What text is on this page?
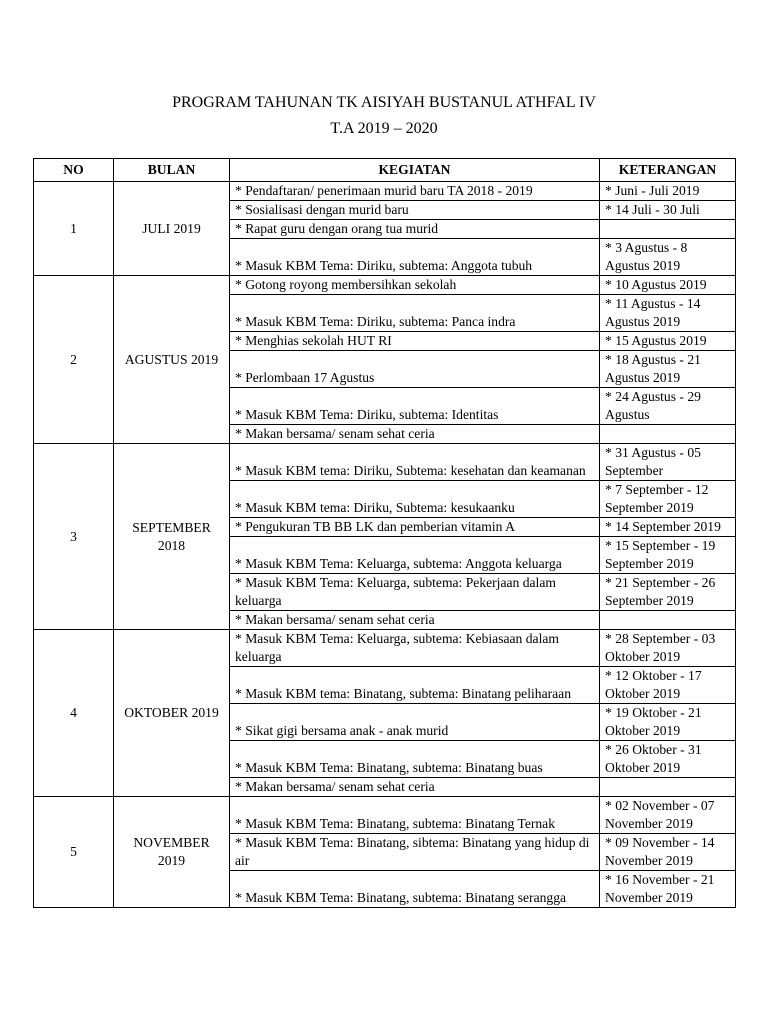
PROGRAM TAHUNAN TK AISIYAH BUSTANUL ATHFAL IV
T.A 2019 – 2020
NO	BULAN	KEGIATAN	KETERANGAN
1	JULI 2019	* Pendaftaran/ penerimaan murid baru TA 2018 - 2019	* Juni - Juli 2019
		* Sosialisasi dengan murid baru	* 14 Juli - 30 Juli
		* Rapat guru dengan orang tua murid	
		* Masuk KBM Tema: Diriku, subtema: Anggota tubuh	* 3 Agustus - 8 Agustus 2019
2	AGUSTUS 2019	* Gotong royong membersihkan sekolah	* 10 Agustus 2019
		* Masuk KBM Tema: Diriku, subtema: Panca indra	* 11 Agustus - 14 Agustus 2019
		* Menghias sekolah HUT RI	* 15 Agustus 2019
		* Perlombaan 17 Agustus	* 18 Agustus - 21 Agustus 2019
		* Masuk KBM Tema: Diriku, subtema: Identitas	* 24 Agustus - 29 Agustus
		* Makan bersama/ senam sehat ceria	
3	SEPTEMBER 2018	* Masuk KBM tema: Diriku, Subtema: kesehatan dan keamanan	* 31 Agustus - 05 September
		* Masuk KBM tema: Diriku, Subtema: kesukaanku	* 7 September - 12 September 2019
		* Pengukuran TB BB LK dan pemberian vitamin A	* 14 September 2019
		* Masuk KBM Tema: Keluarga, subtema: Anggota keluarga	* 15 September - 19 September 2019
		* Masuk KBM Tema: Keluarga, subtema: Pekerjaan dalam keluarga	* 21 September - 26 September 2019
		* Makan bersama/ senam sehat ceria	
4	OKTOBER 2019	* Masuk KBM Tema: Keluarga, subtema: Kebiasaan dalam keluarga	* 28 September - 03 Oktober 2019
		* Masuk KBM tema: Binatang, subtema: Binatang peliharaan	* 12 Oktober - 17 Oktober 2019
		* Sikat gigi bersama anak - anak murid	* 19 Oktober - 21 Oktober 2019
		* Masuk KBM Tema: Binatang, subtema: Binatang buas	* 26 Oktober - 31 Oktober 2019
		* Makan bersama/ senam sehat ceria	
5	NOVEMBER 2019	* Masuk KBM Tema: Binatang, subtema: Binatang Ternak	* 02 November - 07 November 2019
		* Masuk KBM Tema: Binatang, sibtema: Binatang yang hidup di air	* 09 November - 14 November 2019
		* Masuk KBM Tema: Binatang, subtema: Binatang serangga	* 16 November - 21 November 2019
